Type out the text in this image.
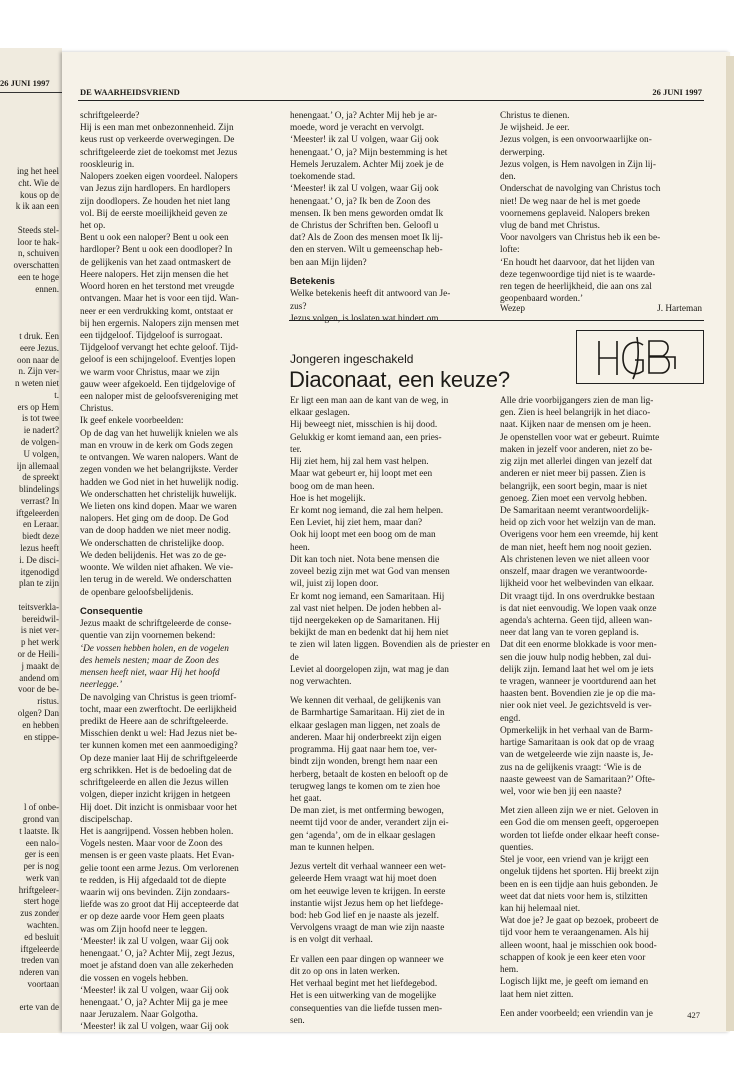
26 JUNI 1997
ing het heel
cht. Wie de
kous op de
k ik aan een

Steeds stel-
loor te hak-
n, schuiven
overschatten
een te hoge
ennen.

t druk. Een
eere Jezus.
oon naar de
n. Zijn ver-
n weten niet
t.
ers op Hem
is tot twee
ie nadert?
de volgen-
U volgen,
ijn allemaal
de spreekt
blindelings
verrast? In
iftgeleerden
en Leraar.
biedt deze
lezus heeft
i. De disci-
itgenodigd
plan te zijn

teitsverkla-
bereidwil-
is niet ver-
p het werk
or de Heili-
j maakt de
andend om
voor de be-
ristus.
olgen? Dan
en hebben
en stippe-

l of onbe-
grond van
t laatste. Ik
een nalo-
ger is een
per is nog
werk van
hriftgeleer-
stert hoge
zus zonder
wachten.
ed besluit
iftgeleerde
treden van
nderen van
voortaan

erte van de
DE WAARHEIDSVRIEND	26 JUNI 1997

schriftgeleerde?
Hij is een man met onbezonnenheid. Zijn
keus rust op verkeerde overwegingen. De
schriftgeleerde ziet de toekomst met Jezus
rooskleurig in.
Nalopers zoeken eigen voordeel. Nalopers
van Jezus zijn hardlopers. En hardlopers
zijn doodlopers. Ze houden het niet lang
vol. Bij de eerste moeilijkheid geven ze
het op.
Bent u ook een naloper? Bent u ook een
hardloper? Bent u ook een doodloper? In
de gelijkenis van het zaad ontmaskert de
Heere nalopers. Het zijn mensen die het
Woord horen en het terstond met vreugde
ontvangen. Maar het is voor een tijd. Wan-
neer er een verdrukking komt, ontstaat er
bij hen ergernis. Nalopers zijn mensen met
een tijdgeloof. Tijdgeloof is surrogaat.
Tijdgeloof vervangt het echte geloof. Tijd-
geloof is een schijngeloof. Eventjes lopen
we warm voor Christus, maar we zijn
gauw weer afgekoeld. Een tijdgelovige of
een naloper mist de geloofsvereniging met
Christus.
Ik geef enkele voorbeelden:
Op de dag van het huwelijk knielen we als
man en vrouw in de kerk om Gods zegen
te ontvangen. We waren nalopers. Want de
zegen vonden we het belangrijkste. Verder
hadden we God niet in het huwelijk nodig.
We onderschatten het christelijk huwelijk.
We lieten ons kind dopen. Maar we waren
nalopers. Het ging om de doop. De God
van de doop hadden we niet meer nodig.
We onderschatten de christelijke doop.
We deden belijdenis. Het was zo de ge-
woonte. We wilden niet afhaken. We vie-
len terug in de wereld. We onderschatten
de openbare geloofsbelijdenis.

Consequentie

Jezus maakt de schriftgeleerde de conse-
quentie van zijn voornemen bekend:

‘De vossen hebben holen, en de vogelen
des hemels nesten; maar de Zoon des
mensen heeft niet, waar Hij het hoofd
neerlegge.’

De navolging van Christus is geen triomf-
tocht, maar een zwerftocht. De eerlijkheid
predikt de Heere aan de schriftgeleerde.
Misschien denkt u wel: Had Jezus niet be-
ter kunnen komen met een aanmoediging?
Op deze manier laat Hij de schriftgeleerde
erg schrikken. Het is de bedoeling dat de
schriftgeleerde en allen die Jezus willen
volgen, dieper inzicht krijgen in hetgeen
Hij doet. Dit inzicht is onmisbaar voor het
discipelschap.
Het is aangrijpend. Vossen hebben holen.
Vogels nesten. Maar voor de Zoon des
mensen is er geen vaste plaats. Het Evan-
gelie toont een arme Jezus. Om verlorenen
te redden, is Hij afgedaald tot de diepte
waarin wij ons bevinden. Zijn zondaars-
liefde was zo groot dat Hij accepteerde dat
er op deze aarde voor Hem geen plaats
was om Zijn hoofd neer te leggen.
‘Meester! ik zal U volgen, waar Gij ook
henengaat.’ O, ja? Achter Mij, zegt Jezus,
moet je afstand doen van alle zekerheden
die vossen en vogels hebben.
‘Meester! ik zal U volgen, waar Gij ook
henengaat.’ O, ja? Achter Mij ga je mee
naar Jeruzalem. Naar Golgotha.
‘Meester! ik zal U volgen, waar Gij ook

henengaat.’ O, ja? Achter Mij heb je ar-
moede, word je veracht en vervolgt.
‘Meester! ik zal U volgen, waar Gij ook
henengaat.’ O, ja? Mijn bestemming is het
Hemels Jeruzalem. Achter Mij zoek je de
toekomende stad.
‘Meester! ik zal U volgen, waar Gij ook
henengaat.’ O, ja? Ik ben de Zoon des
mensen. Ik ben mens geworden omdat Ik
de Christus der Schriften ben. Geloofl u
dat? Als de Zoon des mensen moet Ik lij-
den en sterven. Wilt u gemeenschap heb-
ben aan Mijn lijden?

Betekenis

Welke betekenis heeft dit antwoord van Je-
zus?
Jezus volgen, is loslaten wat hindert om

Christus te dienen.
Je wijsheid. Je eer.
Jezus volgen, is een onvoorwaarlijke on-
derwerping.
Jezus volgen, is Hem navolgen in Zijn lij-
den.
Onderschat de navolging van Christus toch
niet! De weg naar de hel is met goede
voornemens geplaveid. Nalopers breken
vlug de band met Christus.
Voor navolgers van Christus heb ik een be-
lofte:
‘En houdt het daarvoor, dat het lijden van
deze tegenwoordige tijd niet is te waarde-
ren tegen de heerlijkheid, die aan ons zal
geopenbaard worden.’

Wezep	J. Harteman
Jongeren ingeschakeld
Diaconaat, een keuze?
HGJB

Er ligt een man aan de kant van de weg, in
elkaar geslagen.
Hij beweegt niet, misschien is hij dood.
Gelukkig er komt iemand aan, een pries-
ter.
Hij ziet hem, hij zal hem vast helpen.
Maar wat gebeurt er, hij loopt met een
boog om de man heen.
Hoe is het mogelijk.
Er komt nog iemand, die zal hem helpen.
Een Leviet, hij ziet hem, maar dan?
Ook hij loopt met een boog om de man
heen.
Dit kan toch niet. Nota bene mensen die
zoveel bezig zijn met wat God van mensen
wil, juist zij lopen door.
Er komt nog iemand, een Samaritaan. Hij
zal vast niet helpen. De joden hebben al-
tijd neergekeken op de Samaritanen. Hij
bekijkt de man en bedenkt dat hij hem niet
te zien wil laten liggen. Bovendien als de priester en de
Leviet al doorgelopen zijn, wat mag je dan
nog verwachten.

We kennen dit verhaal, de gelijkenis van
de Barmhartige Samaritaan. Hij ziet de in
elkaar geslagen man liggen, net zoals de
anderen. Maar hij onderbreekt zijn eigen
programma. Hij gaat naar hem toe, ver-
bindt zijn wonden, brengt hem naar een
herberg, betaalt de kosten en belooft op de
terugweg langs te komen om te zien hoe
het gaat.
De man ziet, is met ontferming bewogen,
neemt tijd voor de ander, verandert zijn ei-
gen ‘agenda’, om de in elkaar geslagen
man te kunnen helpen.

Jezus vertelt dit verhaal wanneer een wet-
geleerde Hem vraagt wat hij moet doen
om het eeuwige leven te krijgen. In eerste
instantie wijst Jezus hem op het liefdege-
bod: heb God lief en je naaste als jezelf.
Vervolgens vraagt de man wie zijn naaste
is en volgt dit verhaal.

Er vallen een paar dingen op wanneer we
dit zo op ons in laten werken.
Het verhaal begint met het liefdegebod.
Het is een uitwerking van de mogelijke
consequenties van die liefde tussen men-
sen.

Alle drie voorbijgangers zien de man lig-
gen. Zien is heel belangrijk in het diaco-
naat. Kijken naar de mensen om je heen.
Je openstellen voor wat er gebeurt. Ruimte
maken in jezelf voor anderen, niet zo be-
zig zijn met allerlei dingen van jezelf dat
anderen er niet meer bij passen. Zien is
belangrijk, een soort begin, maar is niet
genoeg. Zien moet een vervolg hebben.
De Samaritaan neemt verantwoordelijk-
heid op zich voor het welzijn van de man.
Overigens voor hem een vreemde, hij kent
de man niet, heeft hem nog nooit gezien.
Als christenen leven we niet alleen voor
onszelf, maar dragen we verantwoorde-
lijkheid voor het welbevinden van elkaar.
Dit vraagt tijd. In ons overdrukke bestaan
is dat niet eenvoudig. We lopen vaak onze
agenda's achterna. Geen tijd, alleen wan-
neer dat lang van te voren gepland is.
Dat dit een enorme blokkade is voor men-
sen die jouw hulp nodig hebben, zal dui-
delijk zijn. Iemand laat het wel om je iets
te vragen, wanneer je voortdurend aan het
haasten bent. Bovendien zie je op die ma-
nier ook niet veel. Je gezichtsveld is ver-
engd.
Opmerkelijk in het verhaal van de Barm-
hartige Samaritaan is ook dat op de vraag
van de wetgeleerde wie zijn naaste is, Je-
zus na de gelijkenis vraagt: ‘Wie is de
naaste geweest van de Samaritaan?’ Ofte-
wel, voor wie ben jij een naaste?

Met zien alleen zijn we er niet. Geloven in
een God die om mensen geeft, opgeroepen
worden tot liefde onder elkaar heeft conse-
quenties.
Stel je voor, een vriend van je krijgt een
ongeluk tijdens het sporten. Hij breekt zijn
been en is een tijdje aan huis gebonden. Je
weet dat dat niets voor hem is, stilzitten
kan hij helemaal niet.
Wat doe je? Je gaat op bezoek, probeert de
tijd voor hem te veraangenamen. Als hij
alleen woont, haal je misschien ook bood-
schappen of kook je een keer eten voor
hem.
Logisch lijkt me, je geeft om iemand en
laat hem niet zitten.

Een ander voorbeeld; een vriendin van je	427
